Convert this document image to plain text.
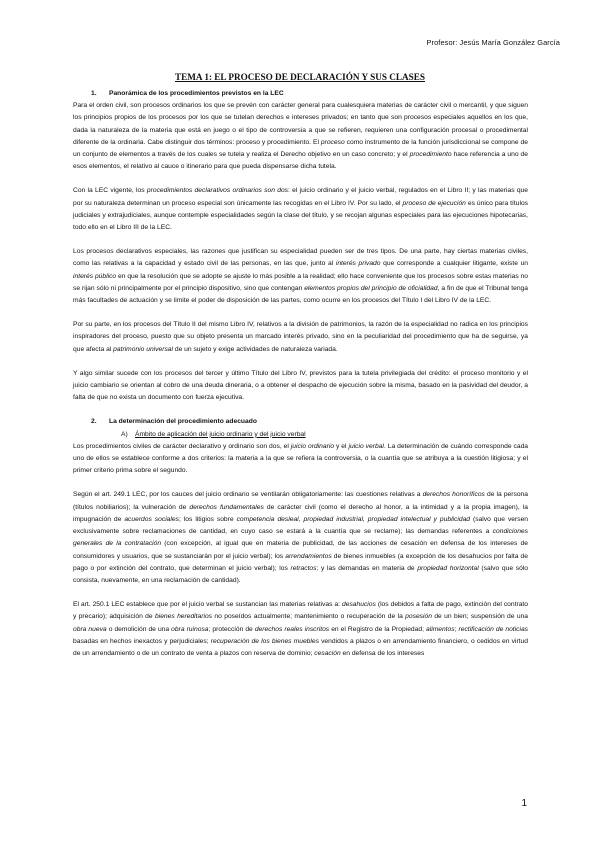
Profesor: Jesús María González García
TEMA 1: EL PROCESO DE DECLARACIÓN Y SUS CLASES
1. Panorámica de los procedimientos previstos en la LEC

Para el orden civil, son procesos ordinarios los que se prevén con carácter general para cualesquiera materias de carácter civil o mercantil, y que siguen los principios propios de los procesos por los que se tutelan derechos e intereses privados; en tanto que son procesos especiales aquellos en los que, dada la naturaleza de la materia que está en juego o el tipo de controversia a que se refieren, requieren una configuración procesal o procedimental diferente de la ordinaria. Cabe distinguir dos términos: proceso y procedimiento. El proceso como instrumento de la función jurisdiccional se compone de un conjunto de elementos a través de los cuales se tutela y realiza el Derecho objetivo en un caso concreto; y el procedimiento hace referencia a uno de esos elementos, el relativo al cauce o itinerario para que pueda dispensarse dicha tutela.

Con la LEC vigente, los procedimientos declarativos ordinarios son dos: el juicio ordinario y el juicio verbal, regulados en el Libro II; y las materias que por su naturaleza determinan un proceso especial son únicamente las recogidas en el Libro IV. Por su lado, el proceso de ejecución es único para títulos judiciales y extrajudiciales, aunque contemple especialidades según la clase del título, y se recojan algunas especiales para las ejecuciones hipotecarias, todo ello en el Libro III de la LEC.

Los procesos declarativos especiales, las razones que justifican su especialidad pueden ser de tres tipos. De una parte, hay ciertas materias civiles, como las relativas a la capacidad y estado civil de las personas, en las que, junto al interés privado que corresponde a cualquier litigante, existe un interés público en que la resolución que se adopte se ajuste lo más posible a la realidad; ello hace conveniente que los procesos sobre estas materias no se rijan sólo ni principalmente por el principio dispositivo, sino que contengan elementos propios del principio de oficialidad, a fin de que el Tribunal tenga más facultades de actuación y se limite el poder de disposición de las partes, como ocurre en los procesos del Título I del Libro IV de la LEC.

Por su parte, en los procesos del Título II del mismo Libro IV, relativos a la división de patrimonios, la razón de la especialidad no radica en los principios inspiradores del proceso, puesto que su objeto presenta un marcado interés privado, sino en la peculiaridad del procedimiento que ha de seguirse, ya que afecta al patrimonio universal de un sujeto y exige actividades de naturaleza variada.

Y algo similar sucede con los procesos del tercer y último Título del Libro IV, previstos para la tutela privilegiada del crédito: el proceso monitorio y el juicio cambiario se orientan al cobro de una deuda dineraria, o a obtener el despacho de ejecución sobre la misma, basado en la pasividad del deudor, a falta de que no exista un documento con fuerza ejecutiva.

2. La determinación del procedimiento adecuado
A) Ámbito de aplicación del juicio ordinario y del juicio verbal

Los procedimientos civiles de carácter declarativo y ordinario son dos, el juicio ordinario y el juicio verbal. La determinación de cuándo corresponde cada uno de ellos se establece conforme a dos criterios: la materia a la que se refiera la controversia, o la cuantía que se atribuya a la cuestión litigiosa; y el primer criterio prima sobre el segundo.

Según el art. 249.1 LEC, por los cauces del juicio ordinario se ventilarán obligatoriamente: las cuestiones relativas a derechos honoríficos de la persona (títulos nobiliarios); la vulneración de derechos fundamentales de carácter civil (como el derecho al honor, a la intimidad y a la propia imagen), la impugnación de acuerdos sociales; los litigios sobre competencia desleal, propiedad industrial, propiedad intelectual y publicidad (salvo que versen exclusivamente sobre reclamaciones de cantidad, en cuyo caso se estará a la cuantía que se reclame); las demandas referentes a condiciones generales de la contratación (con excepción, al igual que en materia de publicidad, de las acciones de cesación en defensa de los intereses de consumidores y usuarios, que se sustanciarán por el juicio verbal); los arrendamientos de bienes inmuebles (a excepción de los desahucios por falta de pago o por extinción del contrato, que determinan el juicio verbal); los retractos; y las demandas en materia de propiedad horizontal (salvo que sólo consista, nuevamente, en una reclamación de cantidad).

El art. 250.1 LEC establece que por el juicio verbal se sustancian las materias relativas a: desahucios (los debidos a falta de pago, extinción del contrato y precario); adquisición de bienes hereditarios no poseídos actualmente; mantenimiento o recuperación de la posesión de un bien; suspensión de una obra nueva o demolición de una obra ruinosa; protección de derechos reales inscritos en el Registro de la Propiedad; alimentos; rectificación de noticias basadas en hechos inexactos y perjudiciales; recuperación de los bienes muebles vendidos a plazos o en arrendamiento financiero, o cedidos en virtud de un arrendamiento o de un contrato de venta a plazos con reserva de dominio; cesación en defensa de los intereses

1
